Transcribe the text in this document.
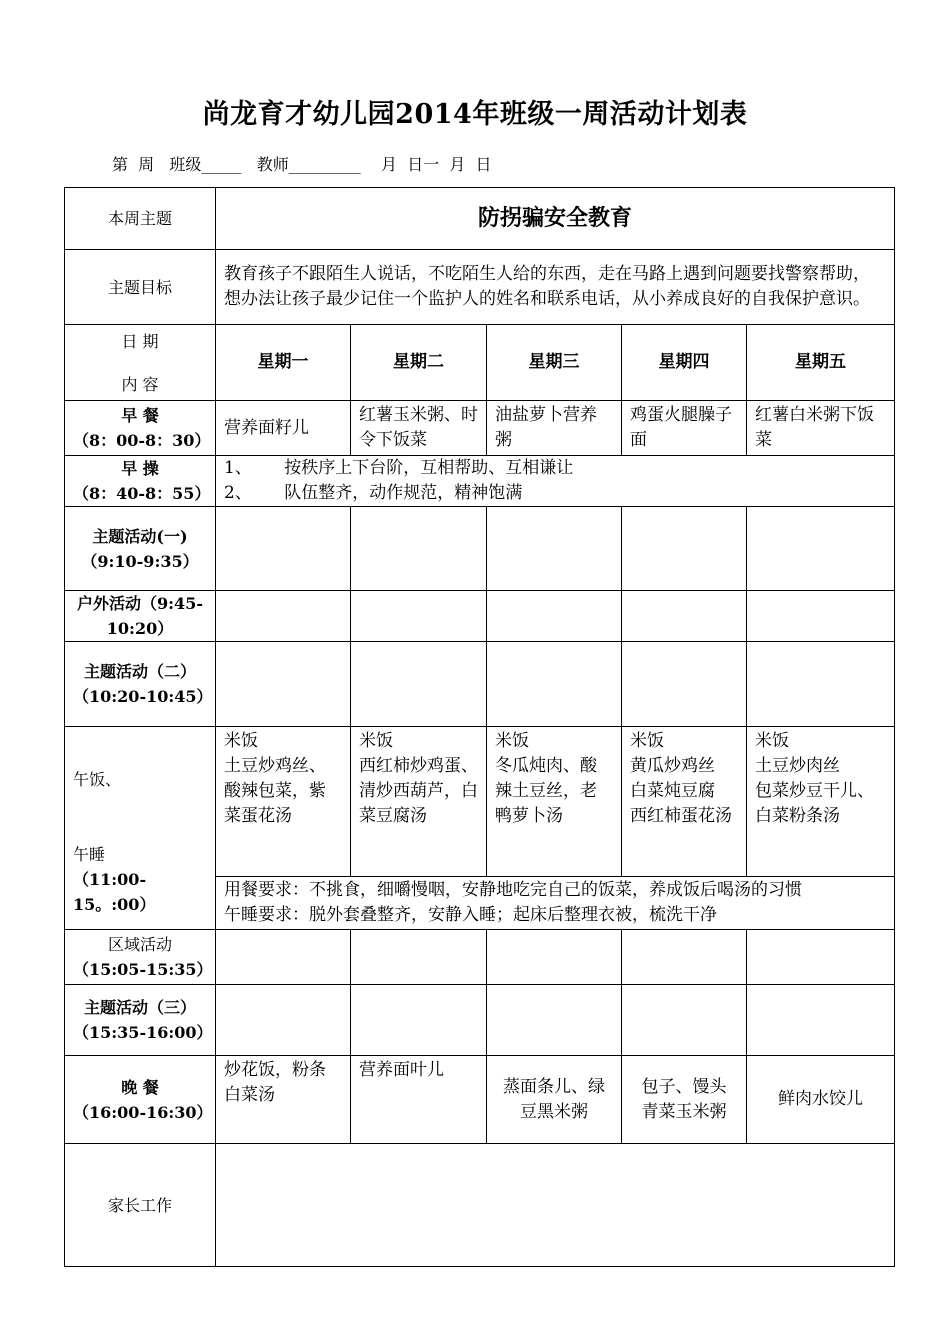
尚龙育才幼儿园2014年班级一周活动计划表
第  周   班级_____   教师_________    月  日一  月  日
本周主题	防拐骗安全教育				
主题目标	教育孩子不跟陌生人说话，不吃陌生人给的东西，走在马路上遇到问题要找警察帮助，想办法让孩子最少记住一个监护人的姓名和联系电话，从小养成良好的自我保护意识。				

日 期
内 容	星期一	星期二	星期三	星期四	星期五

早 餐
（8：00-8：30）	营养面籽儿	红薯玉米粥、时令下饭菜	油盐萝卜营养粥	鸡蛋火腿臊子面	红薯白米粥下饭菜

早 操
（8：40-8：55）	1、      按秩序上下台阶，互相帮助、互相谦让
2、      队伍整齐，动作规范，精神饱满				

主题活动(一)
（9:10-9:35）					

户外活动（9:45-
10:20）					

主题活动（二）
（10:20-10:45）					

午饭、
午睡
（11:00-15。:00）	米饭
土豆炒鸡丝、酸辣包菜，紫菜蛋花汤	米饭
西红柿炒鸡蛋、清炒西葫芦，白菜豆腐汤	米饭
冬瓜炖肉、酸辣土豆丝，老鸭萝卜汤	米饭
黄瓜炒鸡丝
白菜炖豆腐
西红柿蛋花汤	米饭
土豆炒肉丝
包菜炒豆干儿、白菜粉条汤

	用餐要求：不挑食，细嚼慢咽，安静地吃完自己的饭菜，养成饭后喝汤的习惯
午睡要求：脱外套叠整齐，安静入睡；起床后整理衣被，梳洗干净				

区域活动
（15:05-15:35）					

主题活动（三）
（15:35-16:00）					

晚 餐
（16:00-16:30）	炒花饭，粉条白菜汤	营养面叶儿	蒸面条儿、绿豆黑米粥	包子、馒头
青菜玉米粥	鲜肉水饺儿

家长工作					
